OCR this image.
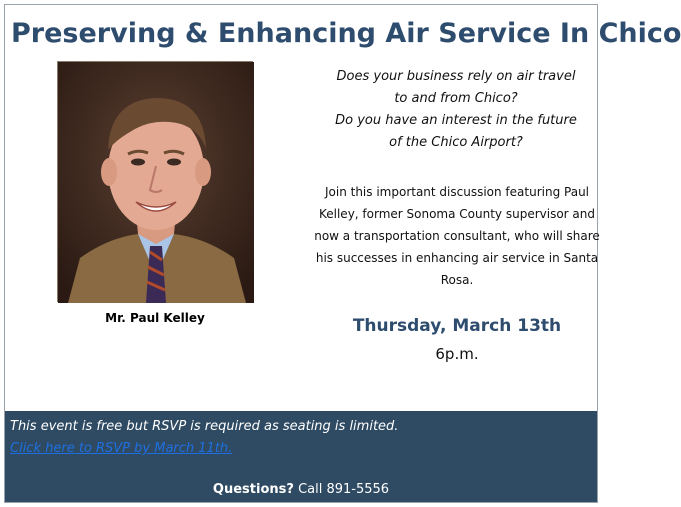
Preserving & Enhancing Air Service In Chico
Mr. Paul Kelley
Does your business rely on air travel
to and from Chico?
Do you have an interest in the future
of the Chico Airport?
Join this important discussion featuring Paul Kelley, former Sonoma County supervisor and now a transportation consultant, who will share his successes in enhancing air service in Santa Rosa.
Thursday, March 13th
6p.m.
This event is free but RSVP is required as seating is limited.
Click here to RSVP by March 11th.
Questions? Call 891-5556
